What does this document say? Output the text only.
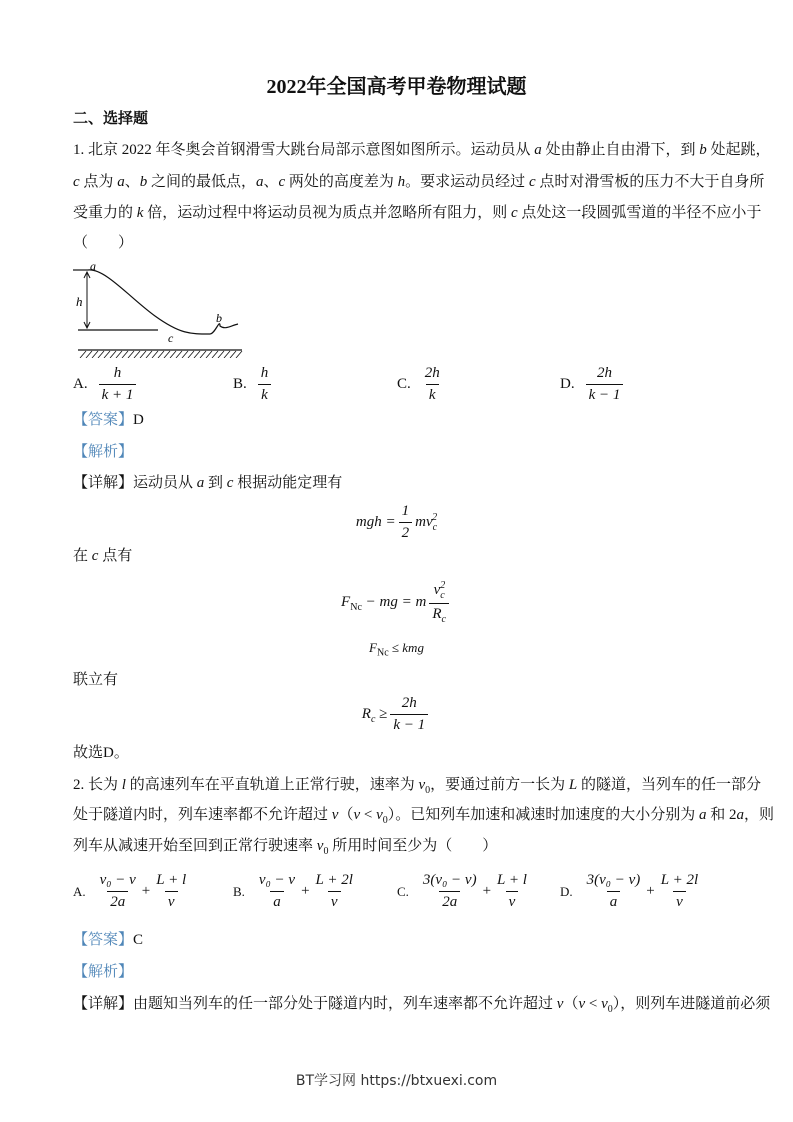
2022年全国高考甲卷物理试题
二、选择题
1. 北京 2022 年冬奥会首钢滑雪大跳台局部示意图如图所示。运动员从 a 处由静止自由滑下，到 b 处起跳，
c 点为 a、b 之间的最低点，a、c 两处的高度差为 h。要求运动员经过 c 点时对滑雪板的压力不大于自身所
受重力的 k 倍，运动过程中将运动员视为质点并忽略所有阻力，则 c 点处这一段圆弧雪道的半径不应小于
（　　）
a
h
b
c
A. $\frac{h}{k + 1}$	B. $\frac{h}{k}$	C. $\frac{2h}{k}$	D. $\frac{2h}{k - 1}$
【答案】D
【解析】
【详解】运动员从 a 到 c 根据动能定理有
mgh = $\frac{1}{2} mv_c^2$
在 c 点有
$F_{Nc}$ − mg = m $\frac{v^2_c}{R_c}$
$F_{Nc}$ ≤ kmg
联立有
$R_c \ge \frac{2h}{k - 1}$
故选D。
2. 长为 l 的高速列车在平直轨道上正常行驶，速率为 $v_0$，要通过前方一长为 L 的隧道，当列车的任一部分
处于隧道内时，列车速率都不允许超过 $v(v < v_0)$。已知列车加速和减速时加速度的大小分别为 a 和 2a，则
列车从减速开始至回到正常行驶速率 $v_0$ 所用时间至少为（　　）
A. $\frac{\text{v₀ − v}}{2a} + \frac{L + l}{v}$	B. $\frac{\text{v₀ − v}}{a} + \frac{L + 2l}{v}$	C. $\frac{\text{3(v₀ − v)}}{2a} + \frac{L + l}{v} D$. $\frac{\text{3(v₀ − v)}}{a} + \frac{L + 2l}{v}$
【答案】C
【解析】
【详解】由题知当列车的任一部分处于隧道内时，列车速率都不允许超过 $v(v < v_0)$，则列车进隧道前必须
BT学习网 https://btxuexi.com
